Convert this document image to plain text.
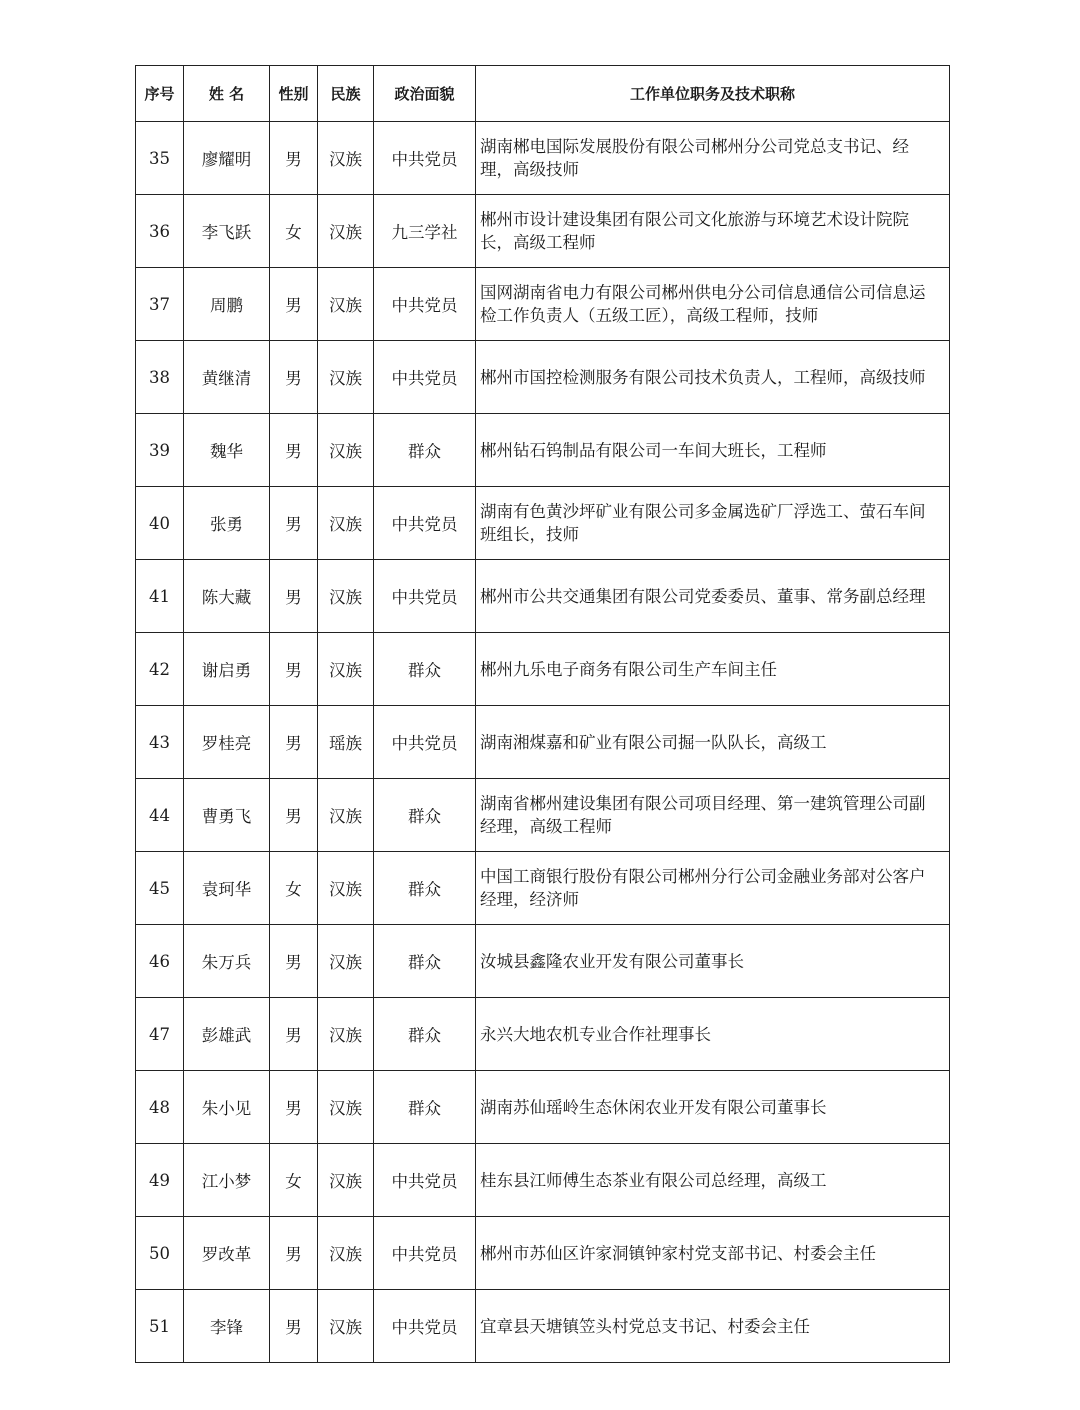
序号	姓 名	性别	民族	政治面貌	工作单位职务及技术职称
35	廖耀明	男	汉族	中共党员	湖南郴电国际发展股份有限公司郴州分公司党总支书记、经理，高级技师
36	李飞跃	女	汉族	九三学社	郴州市设计建设集团有限公司文化旅游与环境艺术设计院院长，高级工程师
37	周鹏	男	汉族	中共党员	国网湖南省电力有限公司郴州供电分公司信息通信公司信息运检工作负责人（五级工匠），高级工程师，技师
38	黄继清	男	汉族	中共党员	郴州市国控检测服务有限公司技术负责人，工程师，高级技师
39	魏华	男	汉族	群众	郴州钻石钨制品有限公司一车间大班长，工程师
40	张勇	男	汉族	中共党员	湖南有色黄沙坪矿业有限公司多金属选矿厂浮选工、萤石车间班组长，技师
41	陈大藏	男	汉族	中共党员	郴州市公共交通集团有限公司党委委员、董事、常务副总经理
42	谢启勇	男	汉族	群众	郴州九乐电子商务有限公司生产车间主任
43	罗桂亮	男	瑶族	中共党员	湖南湘煤嘉和矿业有限公司掘一队队长，高级工
44	曹勇飞	男	汉族	群众	湖南省郴州建设集团有限公司项目经理、第一建筑管理公司副经理，高级工程师
45	袁珂华	女	汉族	群众	中国工商银行股份有限公司郴州分行公司金融业务部对公客户经理，经济师
46	朱万兵	男	汉族	群众	汝城县鑫隆农业开发有限公司董事长
47	彭雄武	男	汉族	群众	永兴大地农机专业合作社理事长
48	朱小见	男	汉族	群众	湖南苏仙瑶岭生态休闲农业开发有限公司董事长
49	江小梦	女	汉族	中共党员	桂东县江师傅生态茶业有限公司总经理，高级工
50	罗改革	男	汉族	中共党员	郴州市苏仙区许家洞镇钟家村党支部书记、村委会主任
51	李锋	男	汉族	中共党员	宜章县天塘镇笠头村党总支书记、村委会主任
